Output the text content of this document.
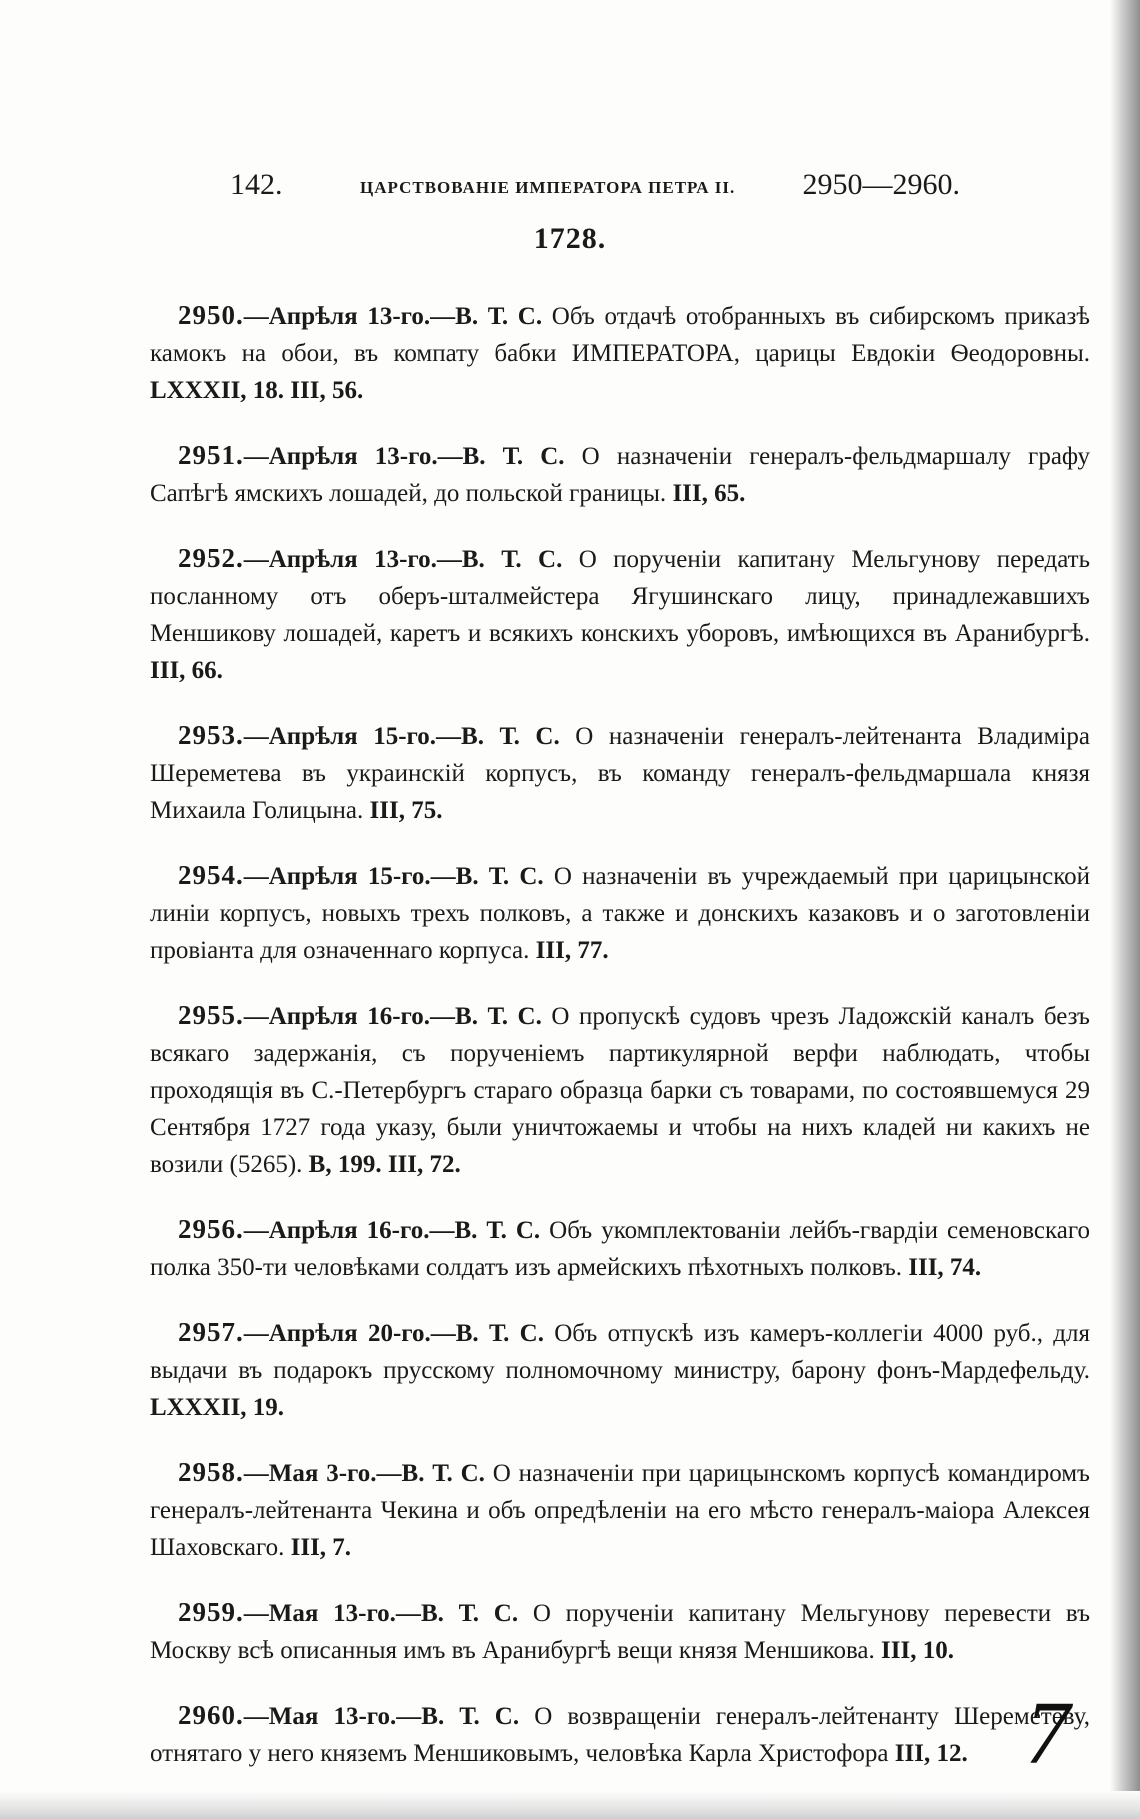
142.	ЦАРСТВОВАНІЕ ИМПЕРАТОРА ПЕТРА II. 2950—2960.
1728.

2950.—Апрѣля 13-го.—В. Т. С. Объ отдачѣ отобранныхъ въ сибирскомъ приказѣ камокъ на обои, въ компату бабки ИМПЕРАТОРА, царицы Евдокіи Ѳеодоровны. LXXXII, 18. III, 56.

2951.—Апрѣля 13-го.—В. Т. С. О назначеніи генералъ-фельдмаршалу графу Сапѣгѣ ямскихъ лошадей, до польской границы. III, 65.

2952.—Апрѣля 13-го.—В. Т. С. О порученіи капитану Мельгунову передать посланному отъ оберъ-шталмейстера Ягушинскаго лицу, принадлежавшихъ Меншикову лошадей, каретъ и всякихъ конскихъ уборовъ, имѣющихся въ Аранибургѣ. III, 66.

2953.—Апрѣля 15-го.—В. Т. С. О назначеніи генералъ-лейтенанта Владиміра Шереметева въ украинскій корпусъ, въ команду генералъ-фельдмаршала князя Михаила Голицына. III, 75.

2954.—Апрѣля 15-го.—В. Т. С. О назначеніи въ учреждаемый при царицынской линіи корпусъ, новыхъ трехъ полковъ, а также и донскихъ казаковъ и о заготовленіи провіанта для означеннаго корпуса. III, 77.

2955.—Апрѣля 16-го.—В. Т. С. О пропускѣ судовъ чрезъ Ладожскій каналъ безъ всякаго задержанія, съ порученіемъ партикулярной верфи наблюдать, чтобы проходящія въ С.-Петербургъ стараго образца барки съ товарами, по состоявшемуся 29 Сентября 1727 года указу, были уничтожаемы и чтобы на нихъ кладей ни какихъ не возили (5265). В, 199. III, 72.

2956.—Апрѣля 16-го.—В. Т. С. Объ укомплектованіи лейбъ-гвардіи семеновскаго полка 350-ти человѣками солдатъ изъ армейскихъ пѣхотныхъ полковъ. III, 74.

2957.—Апрѣля 20-го.—В. Т. С. Объ отпускѣ изъ камеръ-коллегіи 4000 руб., для выдачи въ подарокъ прусскому полномочному министру, барону фонъ-Мардефельду. LXXXII, 19.

2958.—Мая 3-го.—В. Т. С. О назначеніи при царицынскомъ корпусѣ командиромъ генералъ-лейтенанта Чекина и объ опредѣленіи на его мѣсто генералъ-маіора Алексея Шаховскаго. III, 7.

2959.—Мая 13-го.—В. Т. С. О порученіи капитану Мельгунову перевести въ Москву всѣ описанныя имъ въ Аранибургѣ вещи князя Меншикова. III, 10.

2960.—Мая 13-го.—В. Т. С. О возвращеніи генералъ-лейтенанту Шереметеву, отнятаго у него княземъ Меншиковымъ, человѣка Карла Христофора III, 12. 7
